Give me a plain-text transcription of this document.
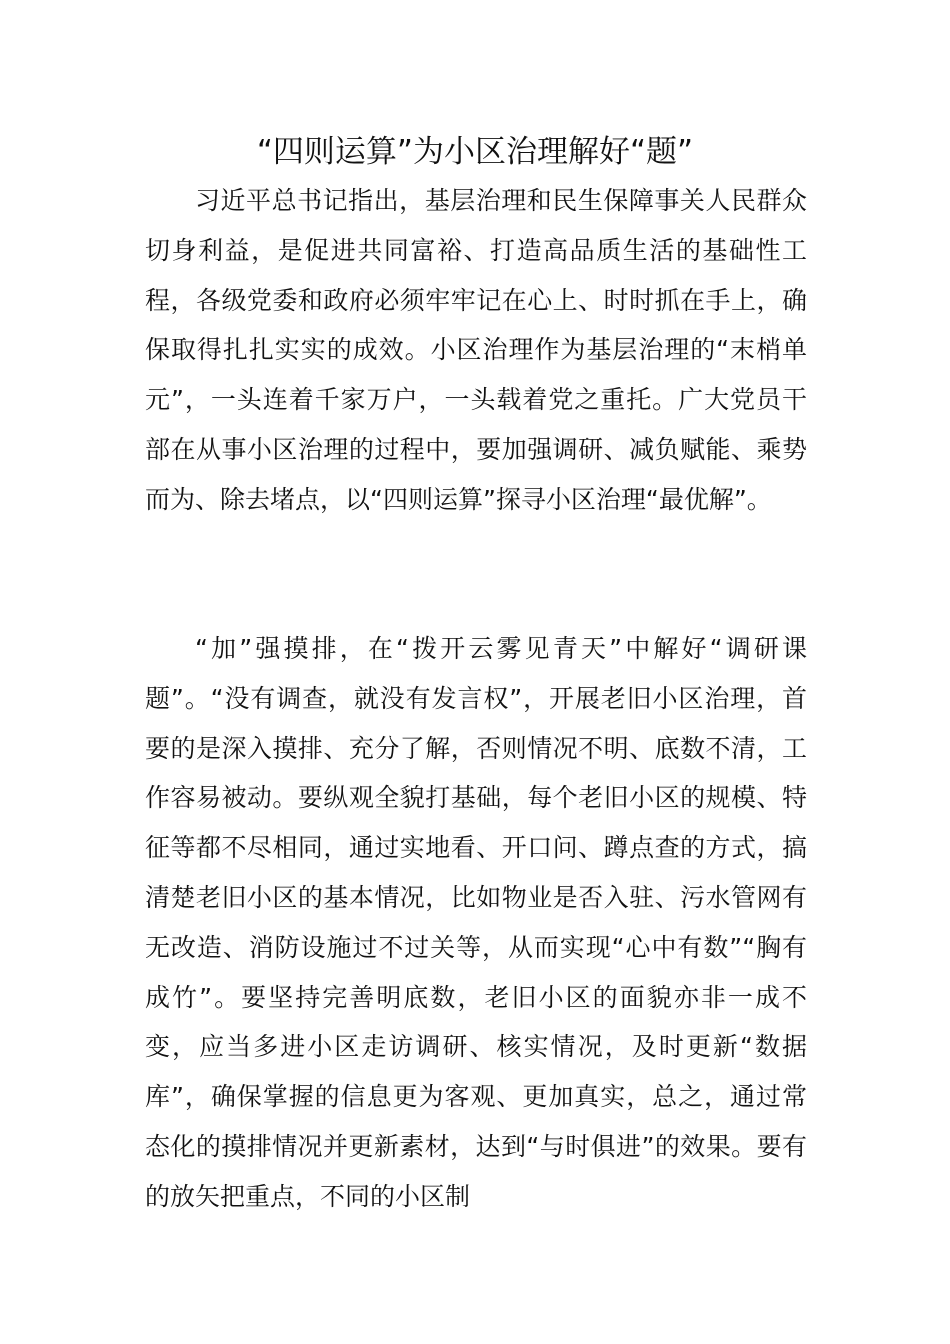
“四则运算”为小区治理解好“题”

习近平总书记指出，基层治理和民生保障事关人民群众切身利益，是促进共同富裕、打造高品质生活的基础性工程，各级党委和政府必须牢牢记在心上、时时抓在手上，确保取得扎扎实实的成效。小区治理作为基层治理的“末梢单元”，一头连着千家万户，一头载着党之重托。广大党员干部在从事小区治理的过程中，要加强调研、减负赋能、乘势而为、除去堵点，以“四则运算”探寻小区治理“最优解”。

“加”强摸排，在“拨开云雾见青天”中解好“调研课题”。“没有调查，就没有发言权”，开展老旧小区治理，首要的是深入摸排、充分了解，否则情况不明、底数不清，工作容易被动。要纵观全貌打基础，每个老旧小区的规模、特征等都不尽相同，通过实地看、开口问、蹲点查的方式，搞清楚老旧小区的基本情况，比如物业是否入驻、污水管网有无改造、消防设施过不过关等，从而实现“心中有数”“胸有成竹”。要坚持完善明底数，老旧小区的面貌亦非一成不变，应当多进小区走访调研、核实情况，及时更新“数据库”，确保掌握的信息更为客观、更加真实，总之，通过常态化的摸排情况并更新素材，达到“与时俱进”的效果。要有的放矢把重点，不同的小区制
